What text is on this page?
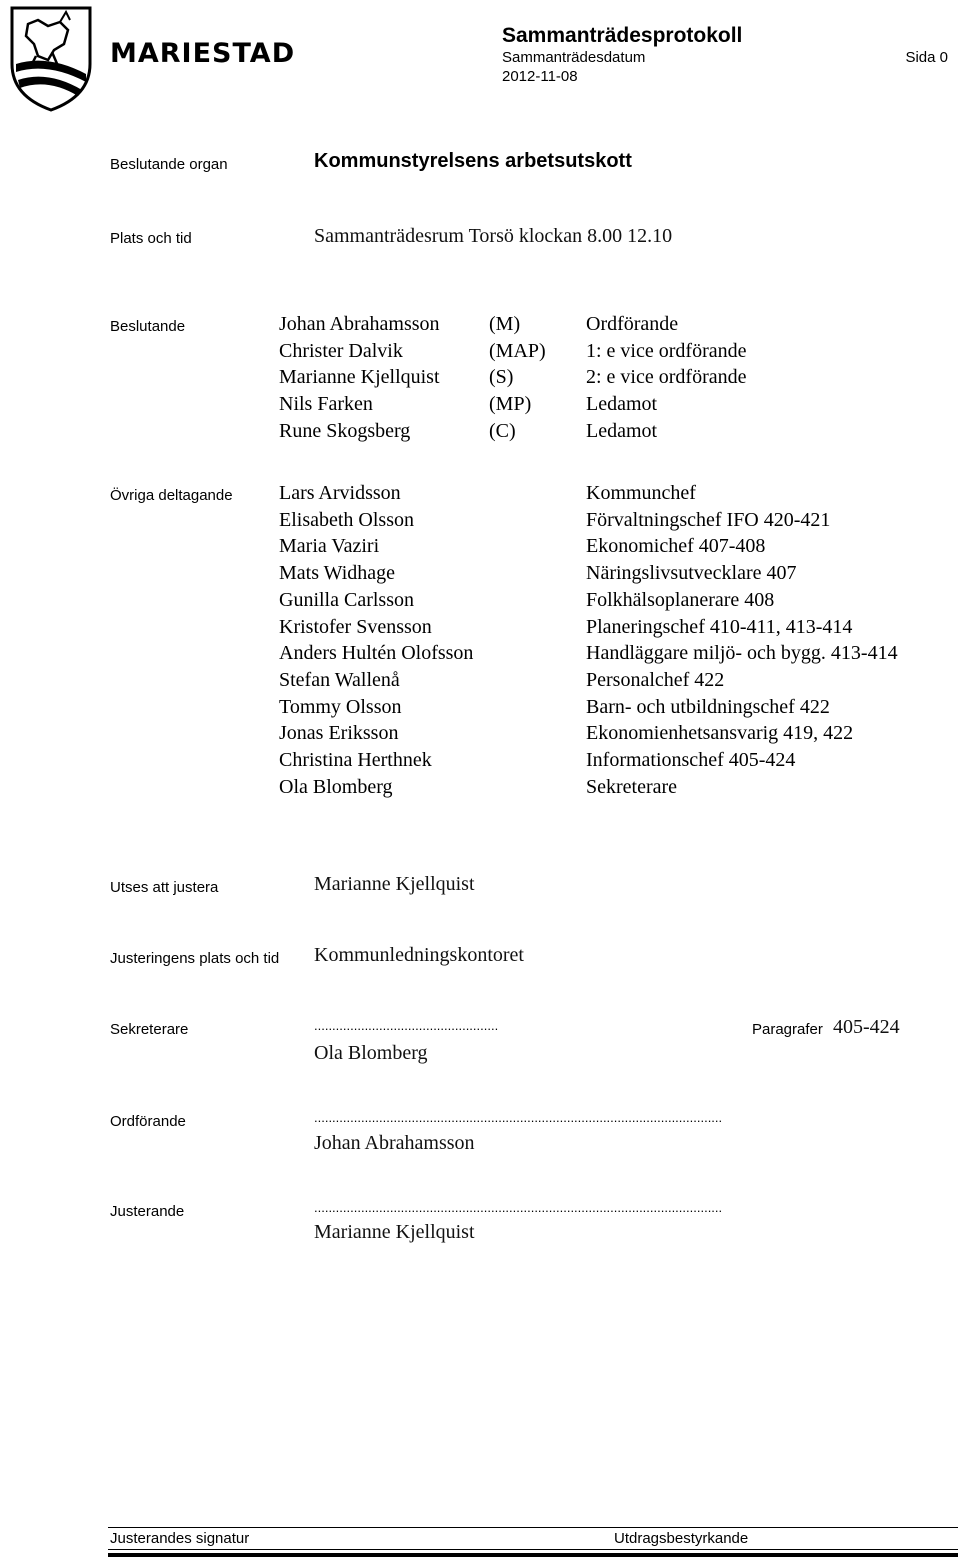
MARIESTAD
Sammanträdesprotokoll
Sammanträdesdatum
2012-11-08
Sida 0
Beslutande organ	Kommunstyrelsens arbetsutskott
Plats och tid	Sammanträdesrum Torsö klockan 8.00 12.10
Beslutande	Johan Abrahamsson (M)	Ordförande
Christer Dalvik	(MAP) 1: e vice ordförande
Marianne Kjellquist (S)	2: e vice ordförande
Nils Farken	(MP)	Ledamot
Rune Skogsberg	(C)	Ledamot
Övriga deltagande Lars Arvidsson	Kommunchef
Elisabeth Olsson	Förvaltningschef IFO 420-421
Maria Vaziri	Ekonomichef 407-408
Mats Widhage	Näringslivsutvecklare 407
Gunilla Carlsson	Folkhälsoplanerare 408
Kristofer Svensson	Planeringschef 410-411, 413-414
Anders Hultén Olofsson	Handläggare miljö- och bygg. 413-414
Stefan Wallenå	Personalchef 422
Tommy Olsson	Barn- och utbildningschef 422
Jonas Eriksson	Ekonomienhetsansvarig 419, 422
Christina Herthnek	Informationschef 405-424
Ola Blomberg	Sekreterare
Utses att justera	Marianne Kjellquist
Justeringens plats och tid Kommunledningskontoret
Sekreterare	...................................................	Paragrafer 405-424
Ola Blomberg
Ordförande	.................................................................................................................
Johan Abrahamsson
Justerande	.................................................................................................................
Marianne Kjellquist
Justerandes signatur	Utdragsbestyrkande
